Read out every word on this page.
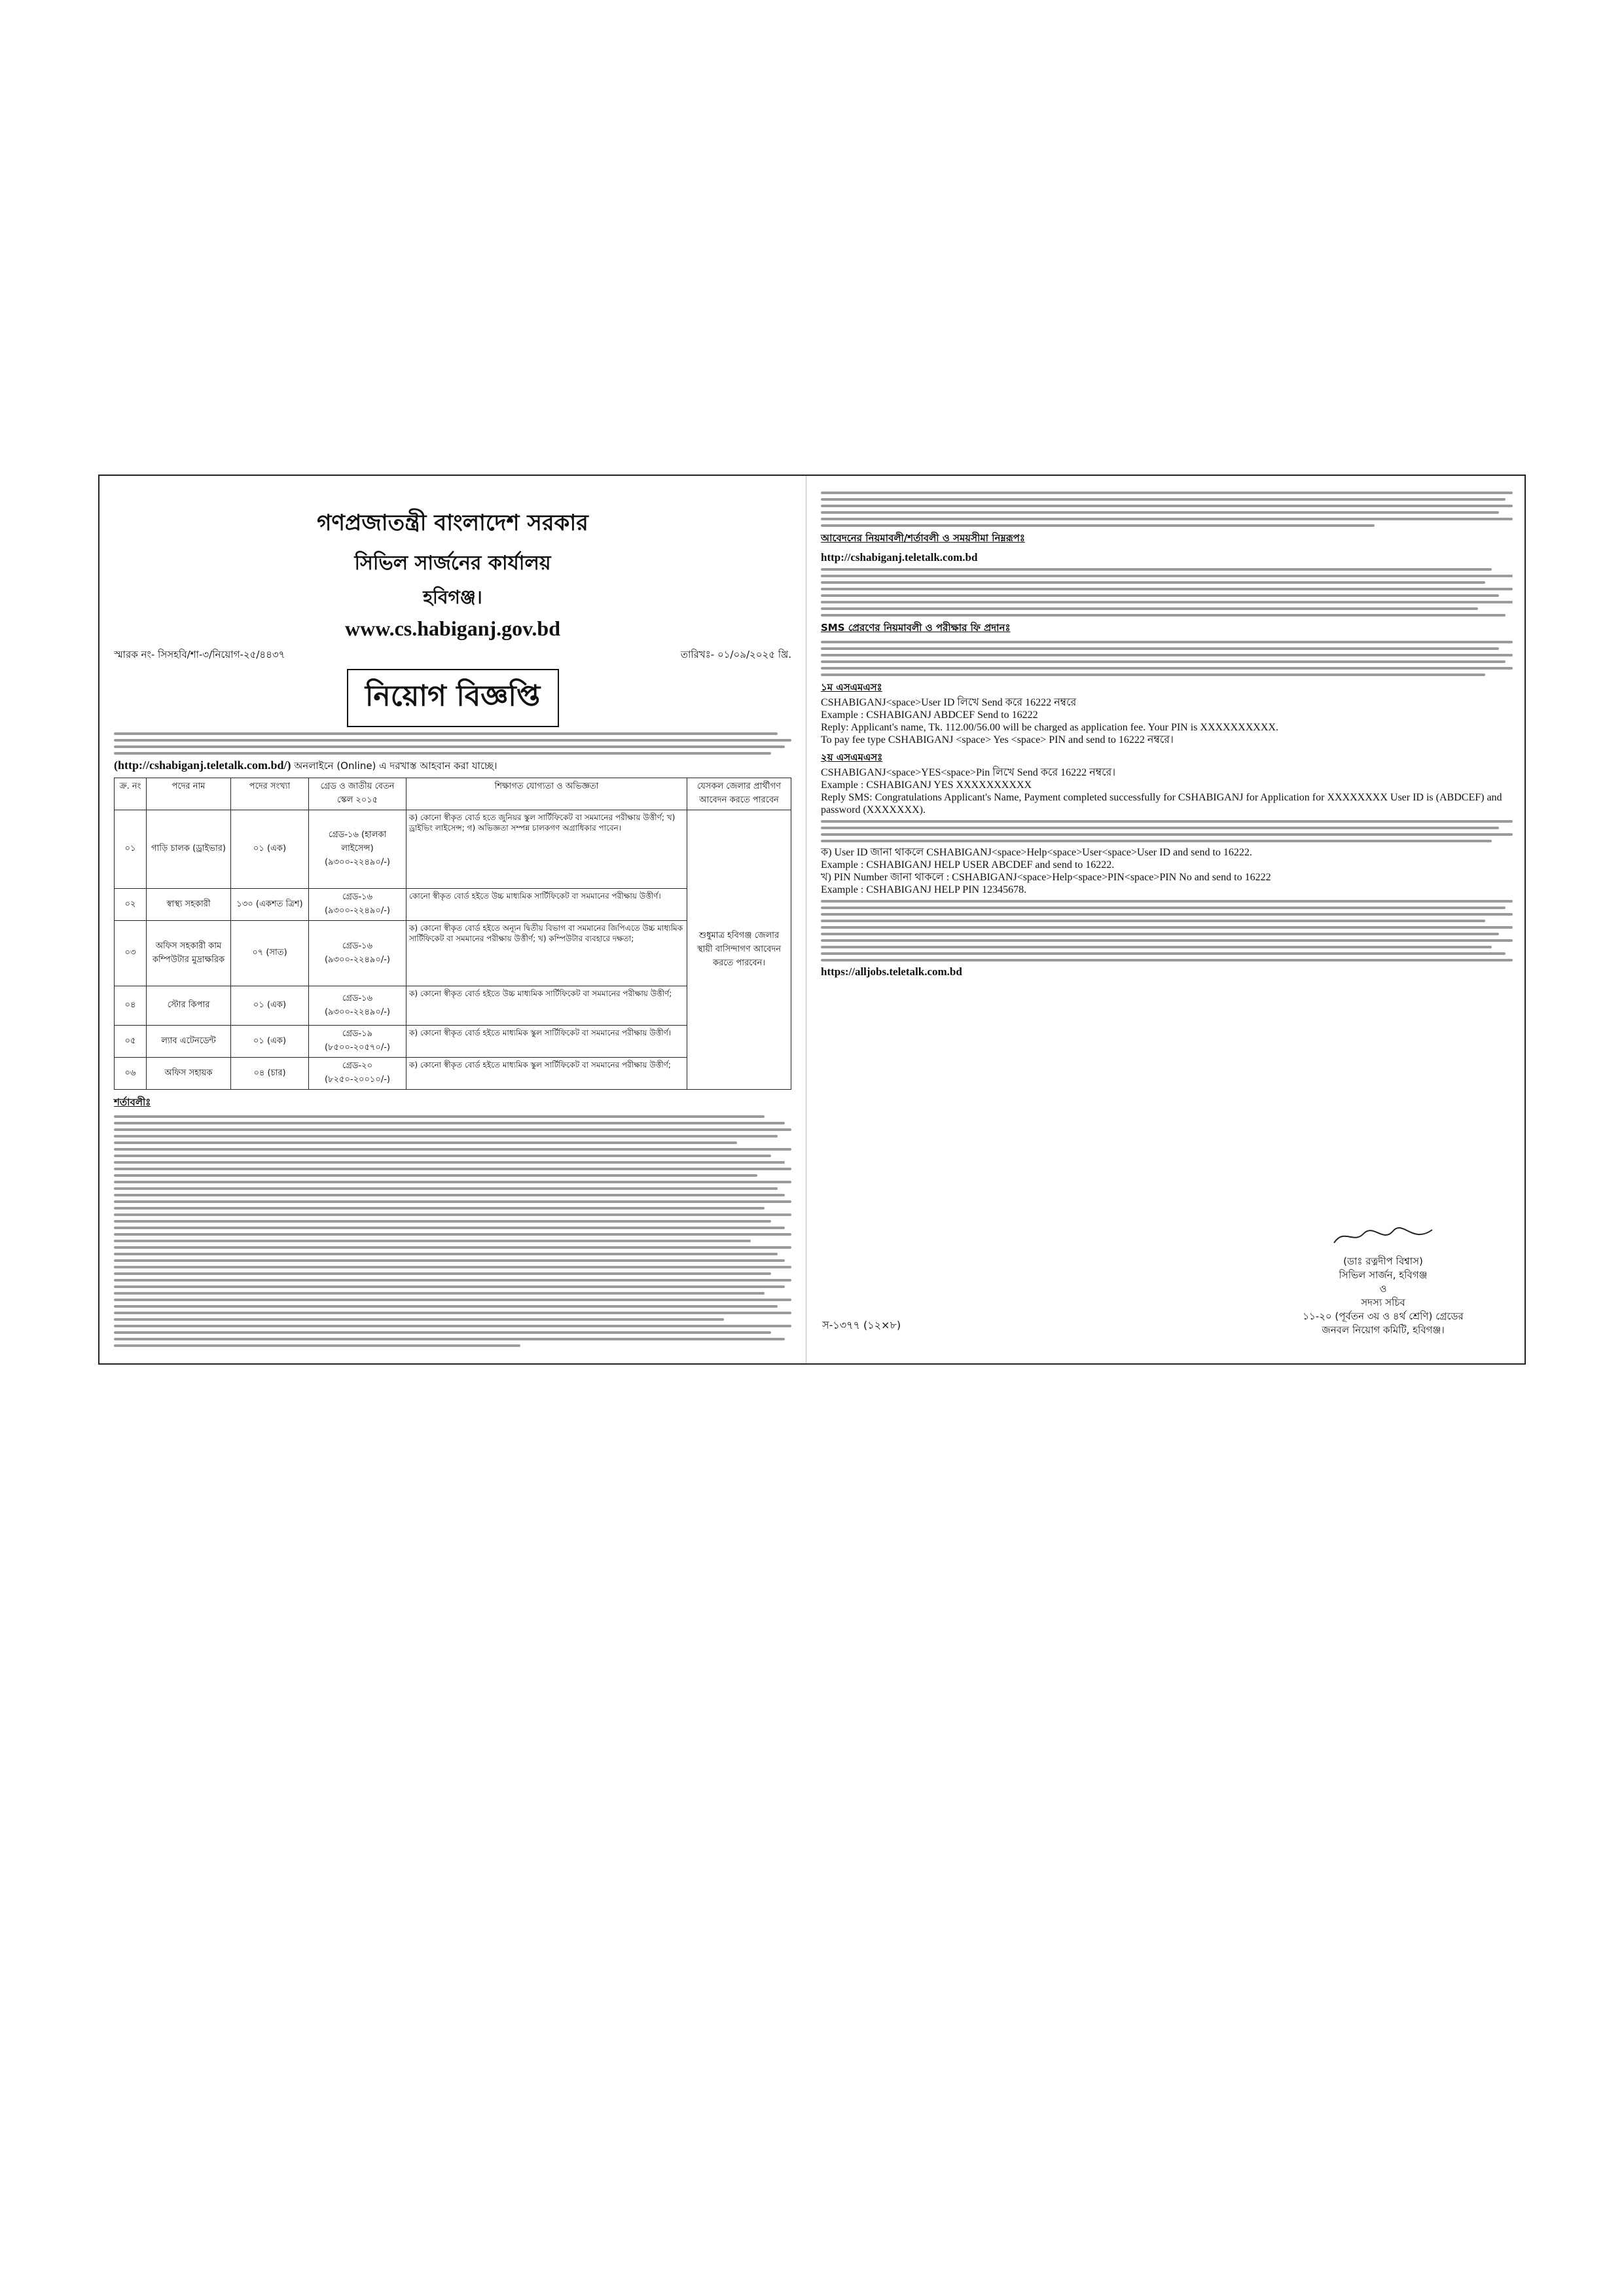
গণপ্রজাতন্ত্রী বাংলাদেশ সরকার
সিভিল সার্জনের কার্যালয়
হবিগঞ্জ।
www.cs.habiganj.gov.bd
স্মারক নং- সিসহবি/শা-৩/নিয়োগ-২৫/৪৪৩৭	তারিখঃ- ০১/০৯/২০২৫ খ্রি.
নিয়োগ বিজ্ঞপ্তি
(http://cshabiganj.teletalk.com.bd/) অনলাইনে (Online) এ দরখাস্ত আহবান করা যাচ্ছে।
ক্র. নং	পদের নাম	পদের সংখ্যা	গ্রেড ও জাতীয় বেতন স্কেল ২০১৫	শিক্ষাগত যোগ্যতা ও অভিজ্ঞতা	যেসকল জেলার প্রার্থীগণ আবেদন করতে পারবেন
০১	গাড়ি চালক (ড্রাইভার)	০১ (এক)	গ্রেড-১৬ (হালকা লাইসেন্স) (৯৩০০-২২৪৯০/-)	ক) কোনো স্বীকৃত বোর্ড হতে জুনিয়র স্কুল সার্টিফিকেট বা সমমানের পরীক্ষায় উত্তীর্ণ; খ) ড্রাইভিং লাইসেন্স; গ) অভিজ্ঞতা সম্পন্ন চালকগণ অগ্রাধিকার পাবেন।	শুধুমাত্র হবিগঞ্জ জেলার স্থায়ী বাসিন্দাগণ আবেদন করতে পারবেন।
০২	স্বাস্থ্য সহকারী	১৩০ (একশত ত্রিশ)	গ্রেড-১৬ (৯৩০০-২২৪৯০/-)	কোনো স্বীকৃত বোর্ড হইতে উচ্চ মাধ্যমিক সার্টিফিকেট বা সমমানের পরীক্ষায় উত্তীর্ণ।	
০৩	অফিস সহকারী কাম কম্পিউটার মুদ্রাক্ষরিক	০৭ (সাত)	গ্রেড-১৬ (৯৩০০-২২৪৯০/-)	ক) কোনো স্বীকৃত বোর্ড হইতে অন্যূন দ্বিতীয় বিভাগ বা সমমানের জিপিএতে উচ্চ মাধ্যমিক সার্টিফিকেট বা সমমানের পরীক্ষায় উত্তীর্ণ; খ) কম্পিউটার ব্যবহারে দক্ষতা;	
০৪	স্টোর কিপার	০১ (এক)	গ্রেড-১৬ (৯৩০০-২২৪৯০/-)	ক) কোনো স্বীকৃত বোর্ড হইতে উচ্চ মাধ্যমিক সার্টিফিকেট বা সমমানের পরীক্ষায় উত্তীর্ণ;	
০৫	ল্যাব এটেনডেন্ট	০১ (এক)	গ্রেড-১৯ (৮৫০০-২০৫৭০/-)	ক) কোনো স্বীকৃত বোর্ড হইতে মাধ্যমিক স্কুল সার্টিফিকেট বা সমমানের পরীক্ষায় উত্তীর্ণ।	
০৬	অফিস সহায়ক	০৪ (চার)	গ্রেড-২০ (৮২৫০-২০০১০/-)	ক) কোনো স্বীকৃত বোর্ড হইতে মাধ্যমিক স্কুল সার্টিফিকেট বা সমমানের পরীক্ষায় উত্তীর্ণ;	
শর্তাবলীঃ
আবেদনের নিয়মাবলী/শর্তাবলী ও সময়সীমা নিম্নরূপঃ
http://cshabiganj.teletalk.com.bd
SMS প্রেরণের নিয়মাবলী ও পরীক্ষার ফি প্রদানঃ
১ম এসএমএসঃ
CSHABIGANJ<space>User ID লিখে Send করে 16222 নম্বরে
Example : CSHABIGANJ ABDCEF Send to 16222
Reply: Applicant's name, Tk. 112.00/56.00 will be charged as application fee. Your PIN is XXXXXXXXXX.
To pay fee type CSHABIGANJ <space> Yes <space> PIN and send to 16222 নম্বরে।
২য় এসএমএসঃ
CSHABIGANJ<space>YES<space>Pin লিখে Send করে 16222 নম্বরে।
Example : CSHABIGANJ YES XXXXXXXXXX
Reply SMS: Congratulations Applicant's Name, Payment completed successfully for CSHABIGANJ for Application for XXXXXXXX User ID is (ABDCEF) and password (XXXXXXX).
ক) User ID জানা থাকলে CSHABIGANJ<space>Help<space>User<space>User ID and send to 16222.
Example : CSHABIGANJ HELP USER ABCDEF and send to 16222.
খ) PIN Number জানা থাকলে : CSHABIGANJ<space>Help<space>PIN<space>PIN No and send to 16222
Example : CSHABIGANJ HELP PIN 12345678.
https://alljobs.teletalk.com.bd
স-১৩৭৭ (১২×৮)
(ডাঃ রত্নদীপ বিশ্বাস)
সিভিল সার্জন, হবিগঞ্জ
ও
সদস্য সচিব
১১-২০ (পূর্বতন ৩য় ও ৪র্থ শ্রেণি) গ্রেডের
জনবল নিয়োগ কমিটি, হবিগঞ্জ।
